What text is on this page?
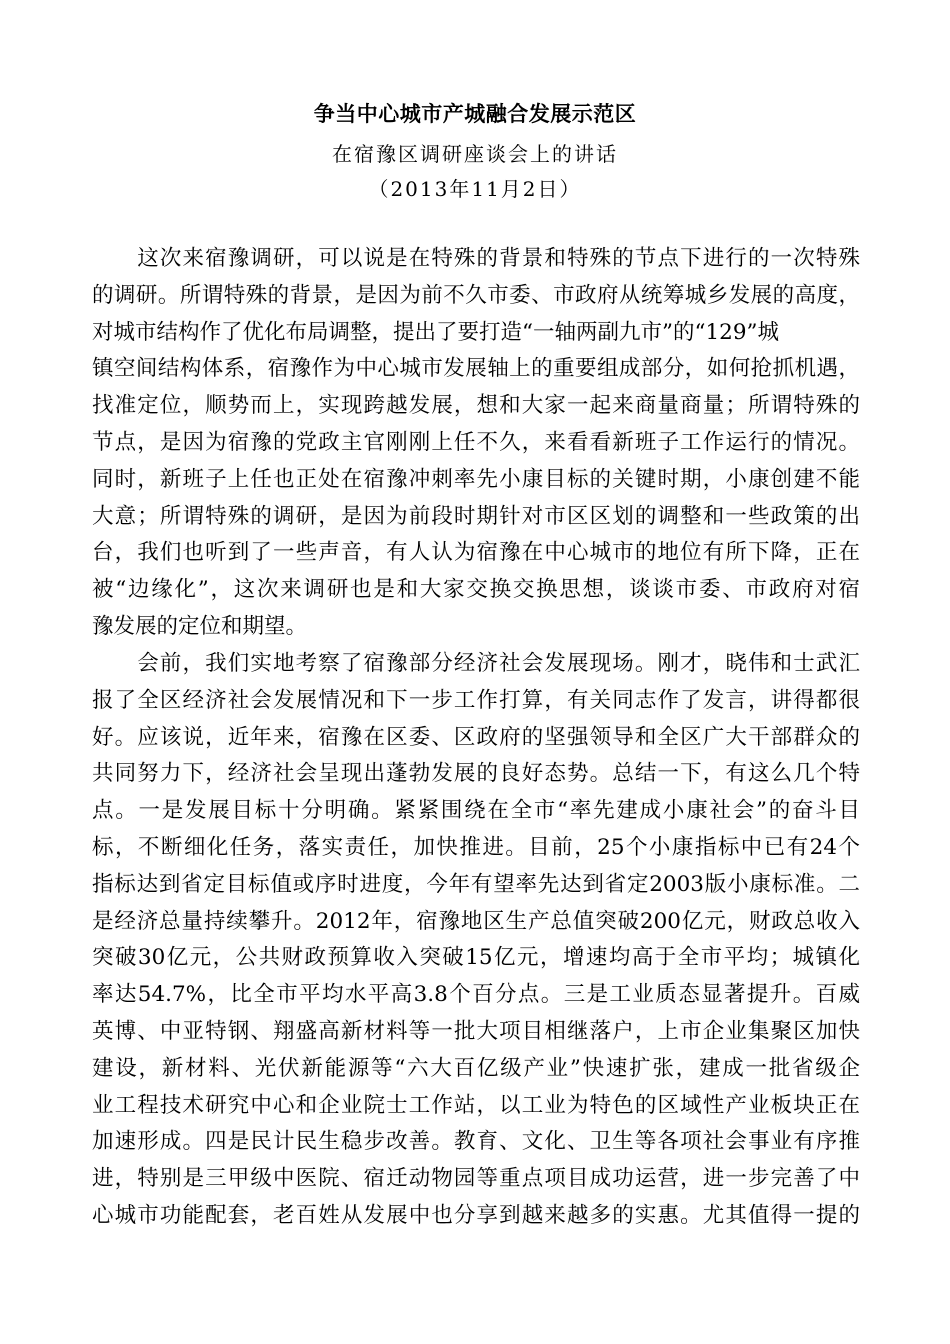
争当中心城市产城融合发展示范区
在宿豫区调研座谈会上的讲话
（2013年11月2日）
　　这次来宿豫调研，可以说是在特殊的背景和特殊的节点下进行的一次特殊
的调研。所谓特殊的背景，是因为前不久市委、市政府从统筹城乡发展的高度，
对城市结构作了优化布局调整，提出了要打造“一轴两副九市”的“129”城
镇空间结构体系，宿豫作为中心城市发展轴上的重要组成部分，如何抢抓机遇，
找准定位，顺势而上，实现跨越发展，想和大家一起来商量商量；所谓特殊的
节点，是因为宿豫的党政主官刚刚上任不久，来看看新班子工作运行的情况。
同时，新班子上任也正处在宿豫冲刺率先小康目标的关键时期，小康创建不能
大意；所谓特殊的调研，是因为前段时期针对市区区划的调整和一些政策的出
台，我们也听到了一些声音，有人认为宿豫在中心城市的地位有所下降，正在
被“边缘化”，这次来调研也是和大家交换交换思想，谈谈市委、市政府对宿
豫发展的定位和期望。
　　会前，我们实地考察了宿豫部分经济社会发展现场。刚才，晓伟和士武汇
报了全区经济社会发展情况和下一步工作打算，有关同志作了发言，讲得都很
好。应该说，近年来，宿豫在区委、区政府的坚强领导和全区广大干部群众的
共同努力下，经济社会呈现出蓬勃发展的良好态势。总结一下，有这么几个特
点。一是发展目标十分明确。紧紧围绕在全市“率先建成小康社会”的奋斗目
标，不断细化任务，落实责任，加快推进。目前，25个小康指标中已有24个
指标达到省定目标值或序时进度，今年有望率先达到省定2003版小康标准。二
是经济总量持续攀升。2012年，宿豫地区生产总值突破200亿元，财政总收入
突破30亿元，公共财政预算收入突破15亿元，增速均高于全市平均；城镇化
率达54.7%，比全市平均水平高3.8个百分点。三是工业质态显著提升。百威
英博、中亚特钢、翔盛高新材料等一批大项目相继落户，上市企业集聚区加快
建设，新材料、光伏新能源等“六大百亿级产业”快速扩张，建成一批省级企
业工程技术研究中心和企业院士工作站，以工业为特色的区域性产业板块正在
加速形成。四是民计民生稳步改善。教育、文化、卫生等各项社会事业有序推
进，特别是三甲级中医院、宿迁动物园等重点项目成功运营，进一步完善了中
心城市功能配套，老百姓从发展中也分享到越来越多的实惠。尤其值得一提的
